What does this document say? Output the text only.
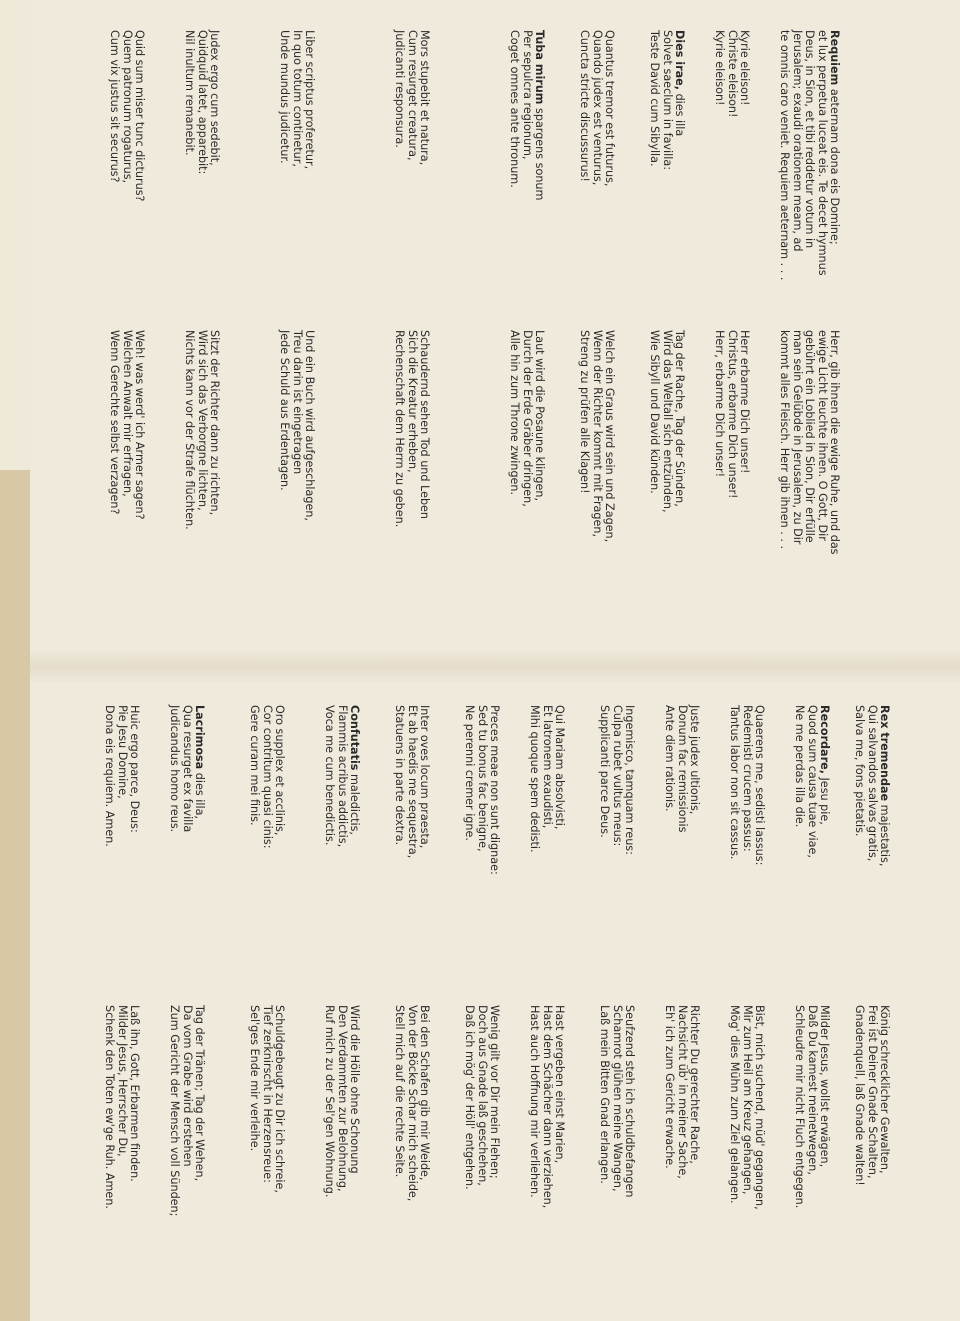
Requiem aeternam dona eis Domine;
et lux perpetua luceat eis. Te decet hymnus
Deus, in Sion, et tibi reddetur votum in
Jerusalem; exaudi orationem meam, ad
te omnis caro veniet. Requiem aeternam . . .
Herr, gib ihnen die ewige Ruhe, und das
ewige Licht leuchte ihnen. O Gott, Dir
gebührt ein Loblied in Sion, Dir erfülle
man sein Gelübde in Jerusalem, zu Dir
kommt alles Fleisch. Herr gib ihnen . . .
Kyrie eleison!
Christe eleison!
Kyrie eleison!
Herr erbarme Dich unser!
Christus, erbarme Dich unser!
Herr, erbarme Dich unser!
Dies irae, dies illa
Solvet saeclum in favilla:
Teste David cum Sibylla.
Tag der Rache, Tag der Sünden,
Wird das Weltall sich entzünden,
Wie Sibyll und David künden.
Quantus tremor est futurus,
Quando judex est venturus,
Cuncta stricte discussurus!
Welch ein Graus wird sein und Zagen,
Wenn der Richter kommt mit Fragen,
Streng zu prüfen alle Klagen!
Tuba mirum spargens sonum
Per sepulcra regionum,
Coget omnes ante thronum.
Laut wird die Posaune klingen,
Durch der Erde Gräber dringen,
Alle hin zum Throne zwingen.
Mors stupebit et natura,
Cum resurget creatura,
Judicanti responsura.
Schaudernd sehen Tod und Leben
Sich die Kreatur erheben,
Rechenschaft dem Herrn zu geben.
Liber scriptus proferetur,
In quo totum continetur,
Unde mundus judicetur.
Und ein Buch wird aufgeschlagen,
Treu darin ist eingetragen
Jede Schuld aus Erdentagen.
Judex ergo cum sedebit,
Quidquid latet, apparebit:
Nil inultum remanebit.
Sitzt der Richter dann zu richten,
Wird sich das Verborgne lichten,
Nichts kann vor der Strafe flüchten.
Quid sum miser tunc dicturus?
Quem patronum rogaturus,
Cum vix justus sit securus?
Weh! was werd' ich Armer sagen?
Welchen Anwalt mir erfragen,
Wenn Gerechte selbst verzagen?
Rex tremendae majestatis,
Qui salvandos salvas gratis,
Salva me, fons pietatis.
König schrecklicher Gewalten,
Frei ist Deiner Gnade Schalten,
Gnadenquell, laß Gnade walten!
Recordare, Jesu pie,
Quod sum causa tuae viae,
Ne me perdas illa die.
Milder Jesus, wollst erwägen,
Daß Du kamest meinetwegen,
Schleudre mir nicht Fluch entgegen.
Quaerens me, sedisti lassus:
Redemisti crucem passus:
Tantus labor non sit cassus.
Bist, mich suchend, müd' gegangen,
Mir zum Heil am Kreuz gehangen,
Mög' dies Mühn zum Ziel gelangen.
Juste judex ultionis,
Donum fac remissionis
Ante diem rationis.
Richter Du gerechter Rache,
Nachsicht üb' in meiner Sache,
Eh' ich zum Gericht erwache.
Ingemisco, tamquam reus:
Culpa rubet vultus meus:
Supplicanti parce Deus.
Seufzend steh ich schuldbefangen
Schamrot glühen meine Wangen,
Laß mein Bitten Gnad erlangen.
Qui Mariam absolvisti,
Et latronem exaudisti,
Mihi quoque spem dedisti.
Hast vergeben einst Marien,
Hast dem Schächer dann verziehen,
Hast auch Hoffnung mir verliehen.
Preces meae non sunt dignae:
Sed tu bonus fac benigne,
Ne perenni cremer igne.
Wenig gilt vor Dir mein Flehen;
Doch aus Gnade laß geschehen,
Daß ich mög' der Höll' entgehen.
Inter oves locum praesta,
Et ab haedis me sequestra,
Statuens in parte dextra.
Bei den Schafen gib mir Weide,
Von der Böcke Schar mich scheide,
Stell mich auf die rechte Seite.
Confutatis maledictis,
Flammis acribus addictis,
Voca me cum benedictis.
Wird die Hölle ohne Schonung
Den Verdammten zur Belohnung,
Ruf mich zu der Sel'gen Wohnung.
Oro supplex et acclinis,
Cor contritum quasi cinis:
Gere curam mei finis.
Schuldgebeugt zu Dir ich schreie,
Tief zerknirscht in Herzensreue:
Sel'ges Ende mir verleihe.
Lacrimosa dies illa,
Qua resurget ex favilla
Judicandus homo reus.
Tag der Tränen; Tag der Wehen,
Da vom Grabe wird erstehen
Zum Gericht der Mensch voll Sünden;
Huic ergo parce, Deus:
Pie Jesu Domine,
Dona eis requiem. Amen.
Laß ihn, Gott, Erbarmen finden.
Milder Jesus, Herrscher Du,
Schenk den Toten ew'ge Ruh. Amen.
